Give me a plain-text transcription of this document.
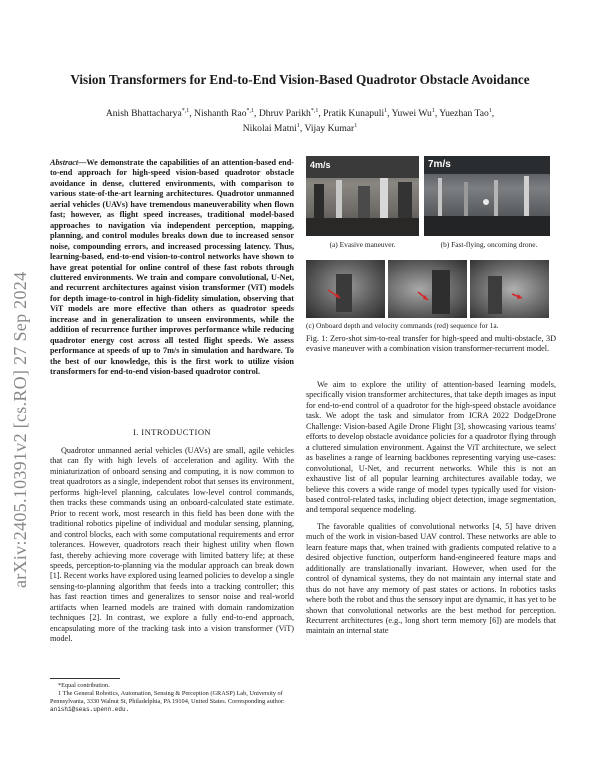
Vision Transformers for End-to-End Vision-Based Quadrotor Obstacle Avoidance
Anish Bhattacharya$^{*,1}$, Nishanth Rao$^{*,1}$, Dhruv Parikh$^{*,1}$, Pratik Kunapuli$^1$, Yuwei Wu$^1$, Yuezhan Tao$^1$,
Nikolai Matni$^1$, Vijay Kumar$^1$
arXiv:2405.10391v2 [cs.RO] 27 Sep 2024
Abstract—We demonstrate the capabilities of an attention-based end-to-end approach for high-speed vision-based quadrotor obstacle avoidance in dense, cluttered environments, with comparison to various state-of-the-art learning architectures. Quadrotor unmanned aerial vehicles (UAVs) have tremendous maneuverability when flown fast; however, as flight speed increases, traditional model-based approaches to navigation via independent perception, mapping, planning, and control modules breaks down due to increased sensor noise, compounding errors, and increased processing latency. Thus, learning-based, end-to-end vision-to-control networks have shown to have great potential for online control of these fast robots through cluttered environments. We train and compare convolutional, U-Net, and recurrent architectures against vision transformer (ViT) models for depth image-to-control in high-fidelity simulation, observing that ViT models are more effective than others as quadrotor speeds increase and in generalization to unseen environments, while the addition of recurrence further improves performance while reducing quadrotor energy cost across all tested flight speeds. We assess performance at speeds of up to 7m/s in simulation and hardware. To the best of our knowledge, this is the first work to utilize vision transformers for end-to-end vision-based quadrotor control.
I. INTRODUCTION

Quadrotor unmanned aerial vehicles (UAVs) are small, agile vehicles that can fly with high levels of acceleration and agility. With the miniaturization of onboard sensing and computing, it is now common to treat quadrotors as a single, independent robot that senses its environment, performs high-level planning, calculates low-level control commands, then tracks these commands using an onboard-calculated state estimate. Prior to recent work, most research in this field has been done with the traditional robotics pipeline of individual and modular sensing, planning, and control blocks, each with some computational requirements and error tolerances. However, quadrotors reach their highest utility when flown fast, thereby achieving more coverage with limited battery life; at these speeds, perception-to-planning via the modular approach can break down [1]. Recent works have explored using learned policies to develop a single sensing-to-planning algorithm that feeds into a tracking controller; this has fast reaction times and generalizes to sensor noise and real-world artifacts when learned models are trained with domain randomization techniques [2]. In contrast, we explore a fully end-to-end approach, encapsulating more of the tracking task into a vision transformer (ViT) model.

*Equal contribution.
1 The General Robotics, Automation, Sensing & Perception (GRASP) Lab, University of Pennsylvania, 3330 Walnut St, Philadelphia, PA 19104, United States. Corresponding author: anish1@seas.upenn.edu.
4m/s	7m/s
(a) Evasive maneuver.	(b) Fast-flying, oncoming drone.
(c) Onboard depth and velocity commands (red) sequence for 1a.
Fig. 1: Zero-shot sim-to-real transfer for high-speed and multi-obstacle, 3D evasive maneuver with a combination vision transformer-recurrent model.

We aim to explore the utility of attention-based learning models, specifically vision transformer architectures, that take depth images as input for end-to-end control of a quadrotor for the high-speed obstacle avoidance task. We adopt the task and simulator from ICRA 2022 DodgeDrone Challenge: Vision-based Agile Drone Flight [3], showcasing various teams' efforts to develop obstacle avoidance policies for a quadrotor flying through a cluttered simulation environment. Against the ViT architecture, we select as baselines a range of learning backbones representing varying use-cases: convolutional, U-Net, and recurrent networks. While this is not an exhaustive list of all popular learning architectures available today, we believe this covers a wide range of model types typically used for vision-based control-related tasks, including object detection, image segmentation, and temporal sequence modeling.

The favorable qualities of convolutional networks [4, 5] have driven much of the work in vision-based UAV control. These networks are able to learn feature maps that, when trained with gradients computed relative to a desired objective function, outperform hand-engineered feature maps and additionally are translationally invariant. However, when used for the control of dynamical systems, they do not maintain any internal state and thus do not have any memory of past states or actions. In robotics tasks where both the robot and thus the sensory input are dynamic, it has yet to be shown that convolutional networks are the best method for perception. Recurrent architectures (e.g., long short term memory [6]) are models that maintain an internal state
